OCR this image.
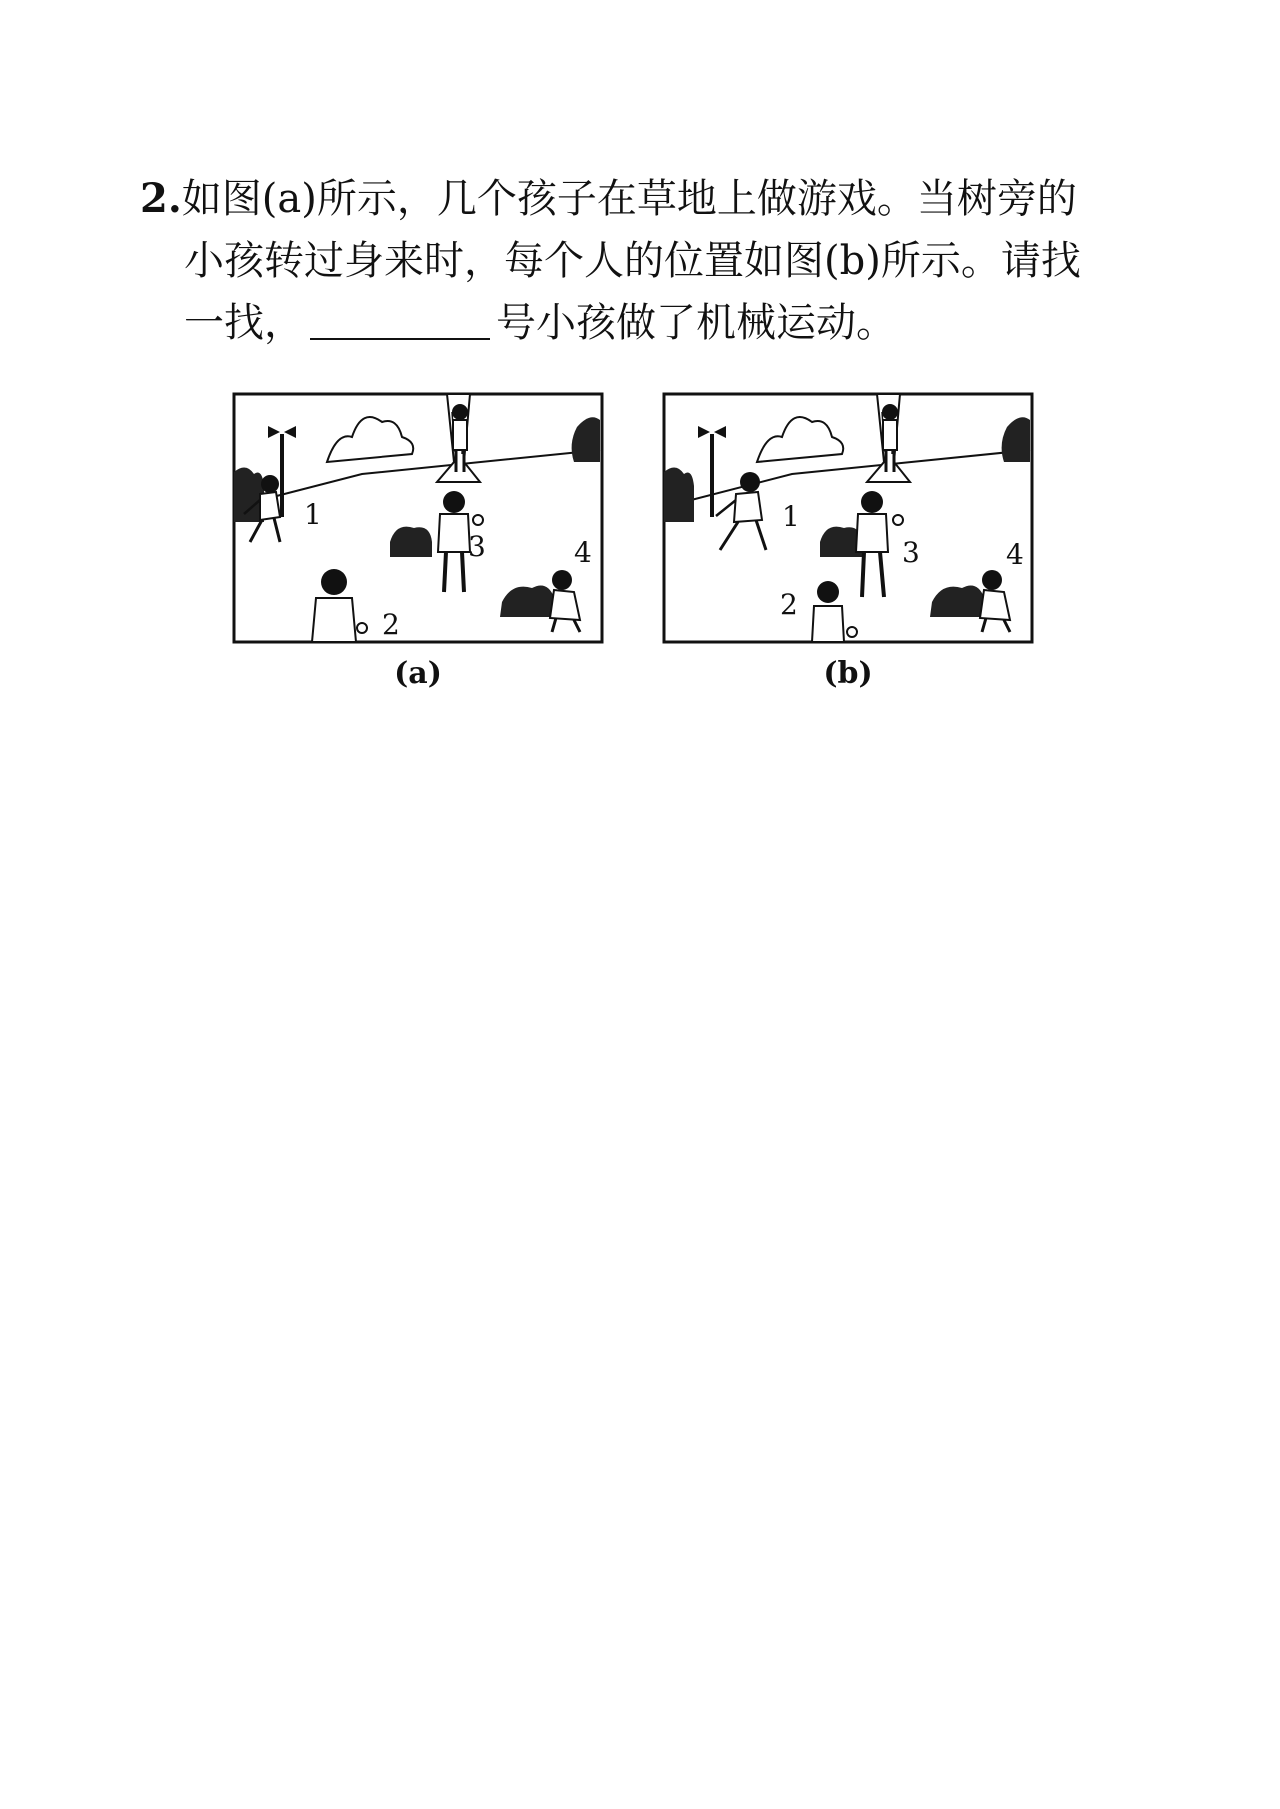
2.如图(a)所示，几个孩子在草地上做游戏。当树旁的
小孩转过身来时，每个人的位置如图(b)所示。请找
一找，	号小孩做了机械运动。
1
2
3	4
(a)
1
2
3	4
(b)
